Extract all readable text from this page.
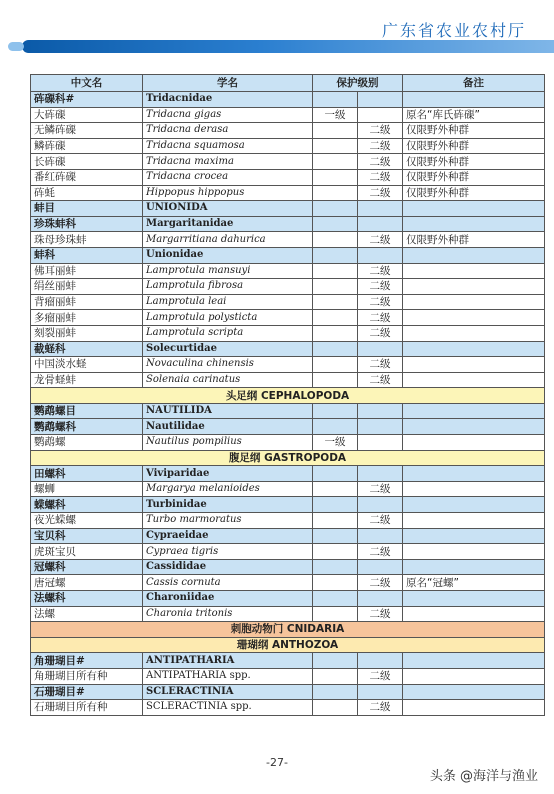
广东省农业农村厅
中文名	学名	保护级别		备注
砗磲科#	Tridacnidae			
大砗磲	Tridacna gigas	一级		原名“库氏砗磲”
无鳞砗磲	Tridacna derasa		二级	仅限野外种群
鳞砗磲	Tridacna squamosa		二级	仅限野外种群
长砗磲	Tridacna maxima		二级	仅限野外种群
番红砗磲	Tridacna crocea		二级	仅限野外种群
砗蚝	Hippopus hippopus		二级	仅限野外种群
蚌目	UNIONIDA			
珍珠蚌科	Margaritanidae			
珠母珍珠蚌	Margarritiana dahurica		二级	仅限野外种群
蚌科	Unionidae			
佛耳丽蚌	Lamprotula mansuyi		二级	
绢丝丽蚌	Lamprotula fibrosa		二级	
背瘤丽蚌	Lamprotula leai		二级	
多瘤丽蚌	Lamprotula polysticta		二级	
刻裂丽蚌	Lamprotula scripta		二级	
截蛏科	Solecurtidae			
中国淡水蛏	Novaculina chinensis		二级	
龙骨蛏蚌	Solenaia carinatus		二级	
头足纲 CEPHALOPODA				
鹦鹉螺目	NAUTILIDA			
鹦鹉螺科	Nautilidae			
鹦鹉螺	Nautilus pompilius	一级		
腹足纲 GASTROPODA				
田螺科	Viviparidae			
螺蛳	Margarya melanioides		二级	
蝾螺科	Turbinidae			
夜光蝾螺	Turbo marmoratus		二级	
宝贝科	Cypraeidae			
虎斑宝贝	Cypraea tigris		二级	
冠螺科	Cassididae			
唐冠螺	Cassis cornuta		二级	原名“冠螺”
法螺科	Charoniidae			
法螺	Charonia tritonis		二级	
刺胞动物门 CNIDARIA				
珊瑚纲 ANTHOZOA				
角珊瑚目#	ANTIPATHARIA			
角珊瑚目所有种	ANTIPATHARIA spp.		二级	
石珊瑚目#	SCLERACTINIA			
石珊瑚目所有种	SCLERACTINIA spp.		二级	
-27-
头条 @海洋与渔业
